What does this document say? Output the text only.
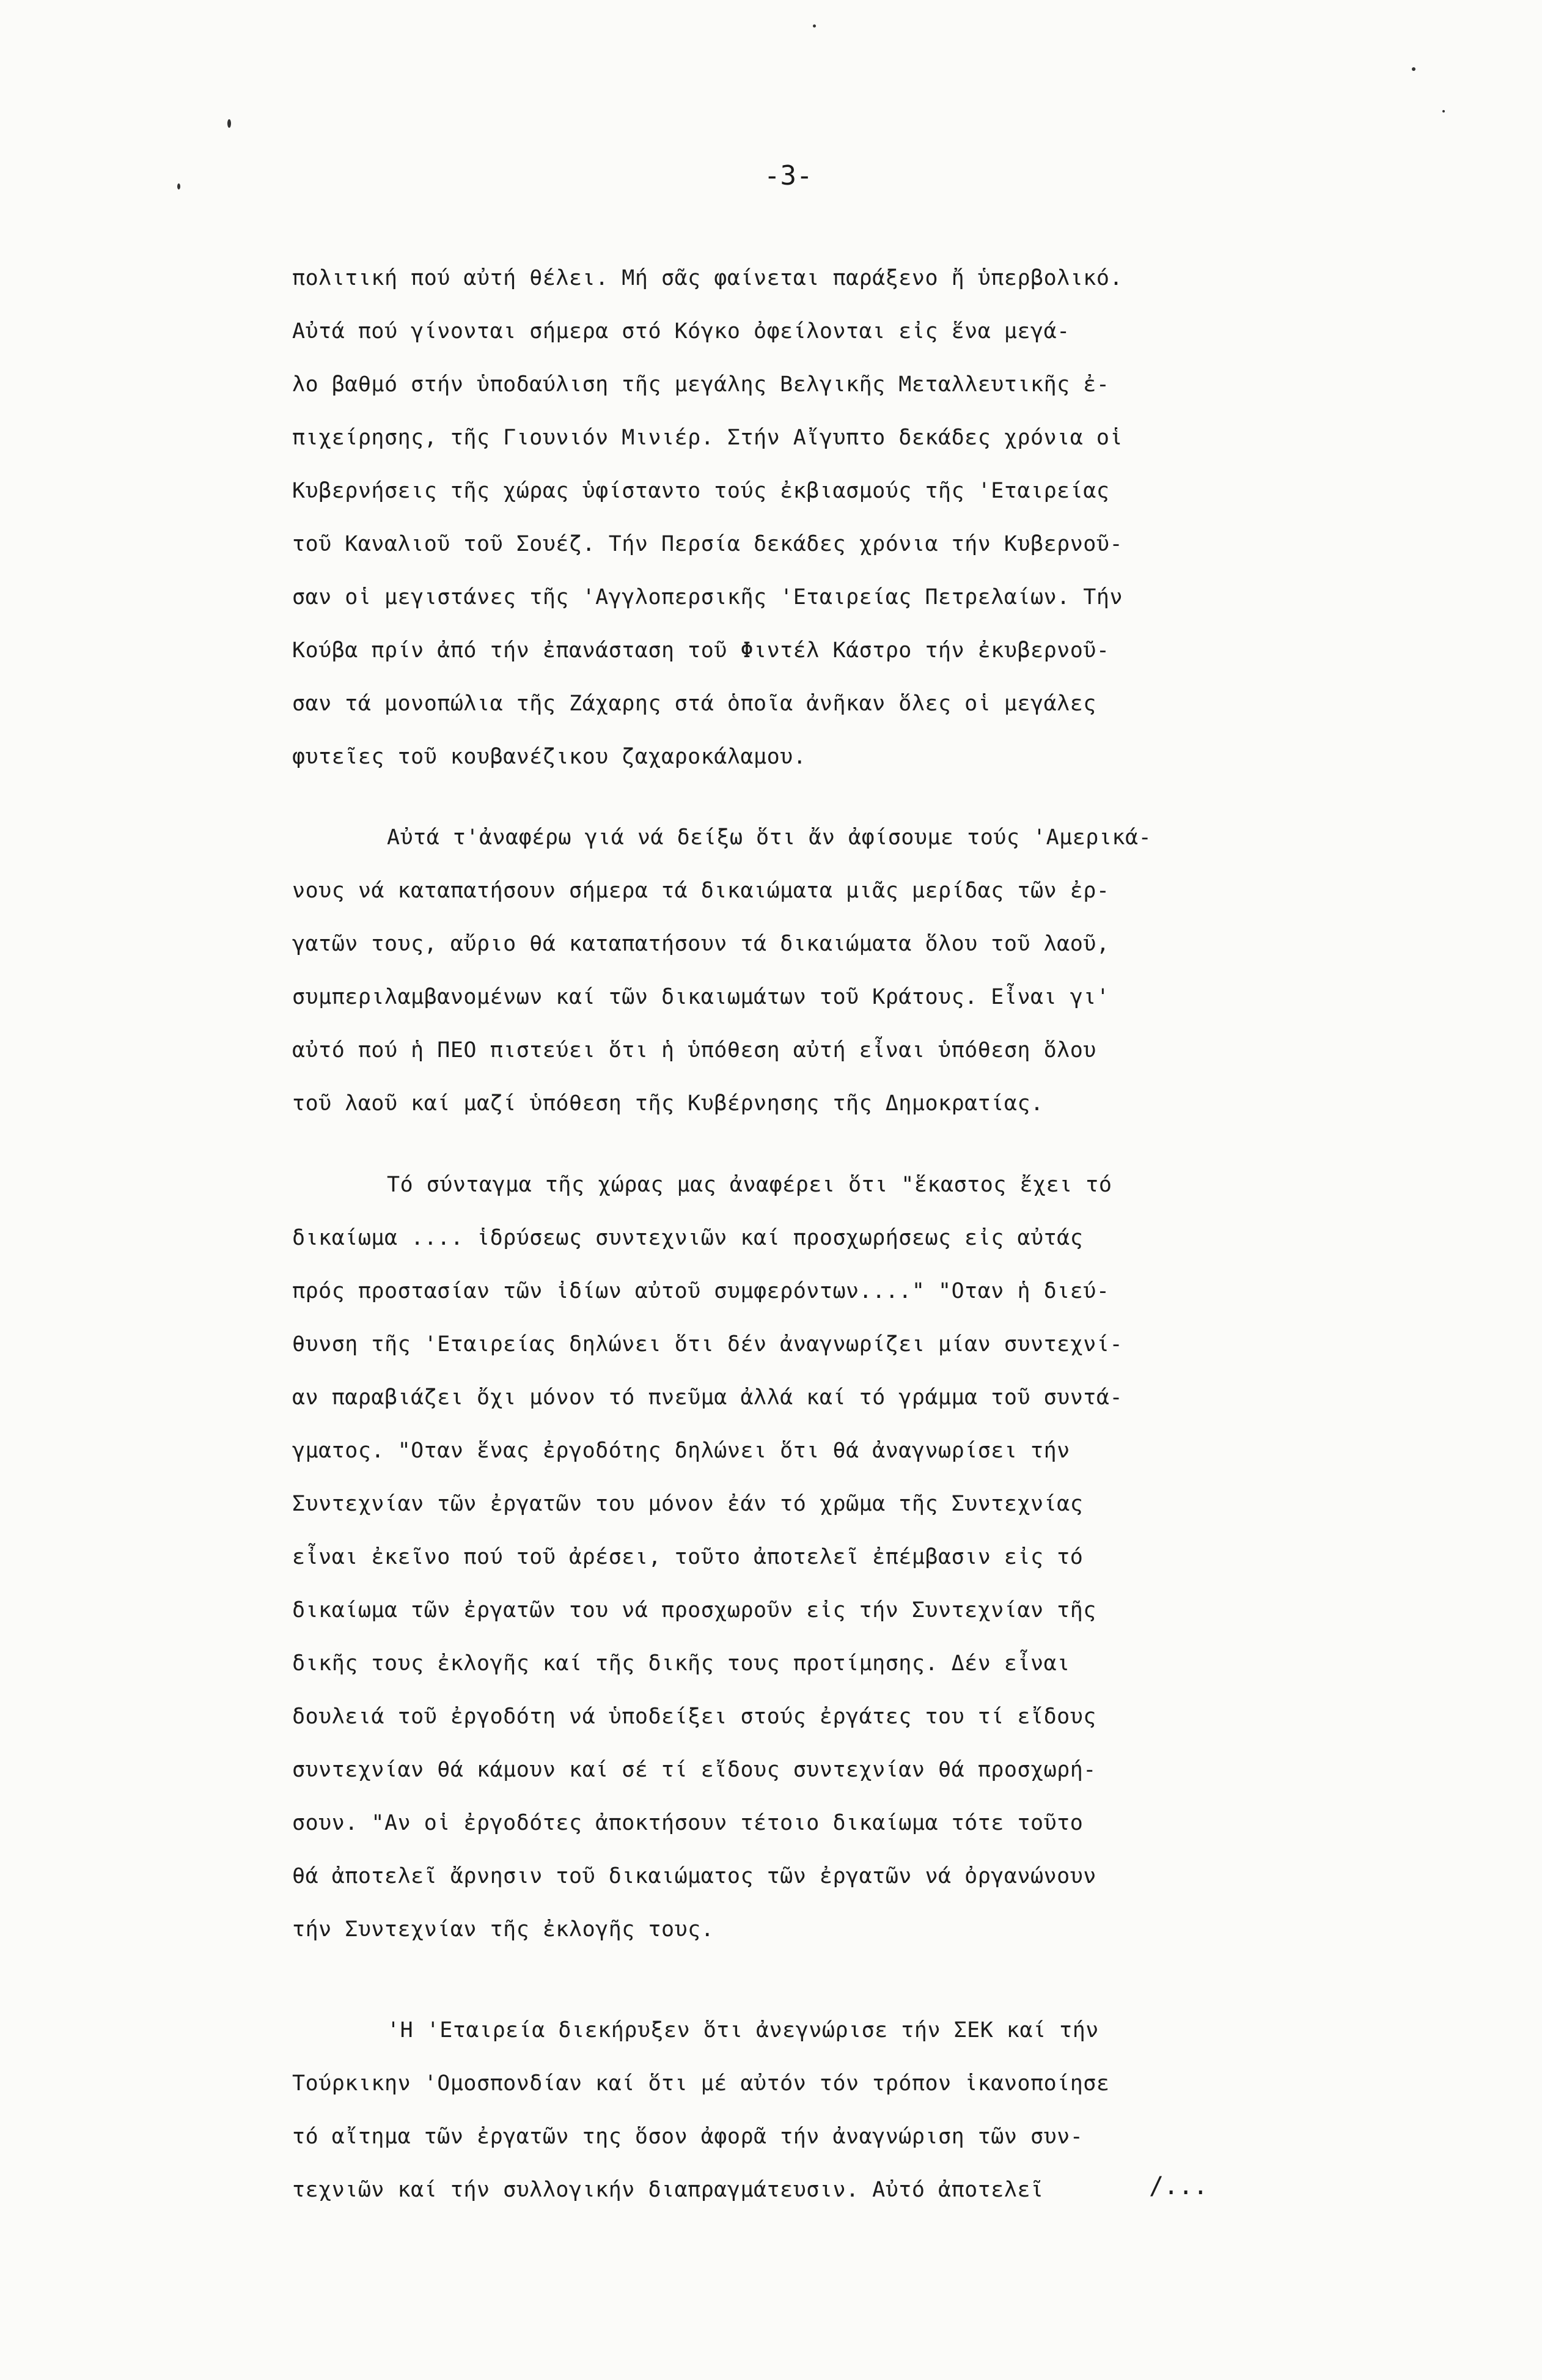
-3-
πολιτική πού αὐτή θέλει. Μή σᾶς φαίνεται παράξενο ἤ ὑπερβολικό.
Αὐτά πού γίνονται σήμερα στό Κόγκο ὀφείλονται εἰς ἕνα μεγά-
λο βαθμό στήν ὑποδαύλιση τῆς μεγάλης Βελγικῆς Μεταλλευτικῆς ἐ-
πιχείρησης, τῆς Γιουνιόν Μινιέρ. Στήν Αἴγυπτο δεκάδες χρόνια οἱ
Κυβερνήσεις τῆς χώρας ὑφίσταντο τούς ἐκβιασμούς τῆς 'Εταιρείας
τοῦ Καναλιοῦ τοῦ Σουέζ. Τήν Περσία δεκάδες χρόνια τήν Κυβερνοῦ-
σαν οἱ μεγιστάνες τῆς 'Αγγλοπερσικῆς 'Εταιρείας Πετρελαίων. Τήν
Κούβα πρίν ἀπό τήν ἐπανάσταση τοῦ Φιντέλ Κάστρο τήν ἐκυβερνοῦ-
σαν τά μονοπώλια τῆς Ζάχαρης στά ὁποῖα ἀνῆκαν ὅλες οἱ μεγάλες
φυτεῖες τοῦ κουβανέζικου ζαχαροκάλαμου.
Αὐτά τ'ἀναφέρω γιά νά δείξω ὅτι ἄν ἀφίσουμε τούς 'Αμερικά-
νους νά καταπατήσουν σήμερα τά δικαιώματα μιᾶς μερίδας τῶν ἐρ-
γατῶν τους, αὔριο θά καταπατήσουν τά δικαιώματα ὅλου τοῦ λαοῦ,
συμπεριλαμβανομένων καί τῶν δικαιωμάτων τοῦ Κράτους. Εἶναι γι'
αὐτό πού ἡ ΠΕΟ πιστεύει ὅτι ἡ ὑπόθεση αὐτή εἶναι ὑπόθεση ὅλου
τοῦ λαοῦ καί μαζί ὑπόθεση τῆς Κυβέρνησης τῆς Δημοκρατίας.
Τό σύνταγμα τῆς χώρας μας ἀναφέρει ὅτι "ἕκαστος ἔχει τό
δικαίωμα .... ἱδρύσεως συντεχνιῶν καί προσχωρήσεως εἰς αὐτάς
πρός προστασίαν τῶν ἰδίων αὐτοῦ συμφερόντων...." "Οταν ἡ διεύ-
θυνση τῆς 'Εταιρείας δηλώνει ὅτι δέν ἀναγνωρίζει μίαν συντεχνί-
αν παραβιάζει ὄχι μόνον τό πνεῦμα ἀλλά καί τό γράμμα τοῦ συντά-
γματος. "Οταν ἕνας ἐργοδότης δηλώνει ὅτι θά ἀναγνωρίσει τήν
Συντεχνίαν τῶν ἐργατῶν του μόνον ἐάν τό χρῶμα τῆς Συντεχνίας
εἶναι ἐκεῖνο πού τοῦ ἀρέσει, τοῦτο ἀποτελεῖ ἐπέμβασιν εἰς τό
δικαίωμα τῶν ἐργατῶν του νά προσχωροῦν εἰς τήν Συντεχνίαν τῆς
δικῆς τους ἐκλογῆς καί τῆς δικῆς τους προτίμησης. Δέν εἶναι
δουλειά τοῦ ἐργοδότη νά ὑποδείξει στούς ἐργάτες του τί εἴδους
συντεχνίαν θά κάμουν καί σέ τί εἴδους συντεχνίαν θά προσχωρή-
σουν. "Αν οἱ ἐργοδότες ἀποκτήσουν τέτοιο δικαίωμα τότε τοῦτο
θά ἀποτελεῖ ἄρνησιν τοῦ δικαιώματος τῶν ἐργατῶν νά ὀργανώνουν
τήν Συντεχνίαν τῆς ἐκλογῆς τους.
'Η 'Εταιρεία διεκήρυξεν ὅτι ἀνεγνώρισε τήν ΣΕΚ καί τήν
Τούρκικην 'Ομοσπονδίαν καί ὅτι μέ αὐτόν τόν τρόπον ἱκανοποίησε
τό αἴτημα τῶν ἐργατῶν της ὅσον ἀφορᾶ τήν ἀναγνώριση τῶν συν-
τεχνιῶν καί τήν συλλογικήν διαπραγμάτευσιν. Αὐτό ἀποτελεῖ	/...
